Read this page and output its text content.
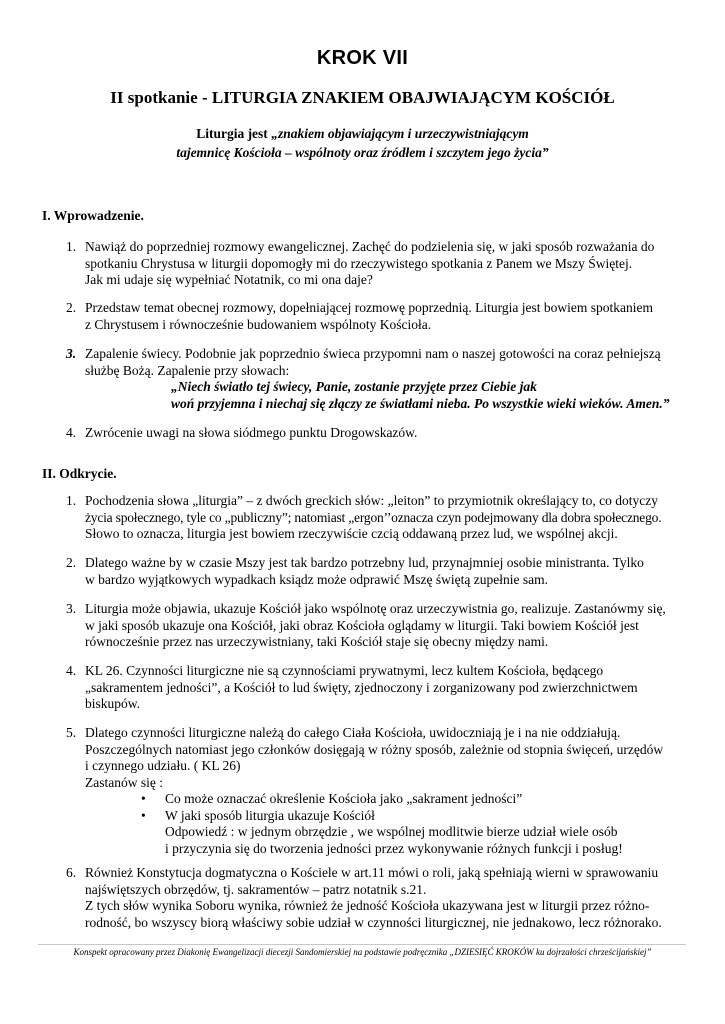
KROK VII
II spotkanie - LITURGIA ZNAKIEM OBAJWIAJĄCYM KOŚCIÓŁ
Liturgia jest „znakiem objawiającym i urzeczywistniającym
tajemnicę Kościoła – wspólnoty oraz źródłem i szczytem jego życia”
I. Wprowadzenie.
1. Nawiąż do poprzedniej rozmowy ewangelicznej. Zachęć do podzielenia się, w jaki sposób rozważania do
spotkaniu Chrystusa w liturgii dopomogły mi do rzeczywistego spotkania z Panem we Mszy Świętej.
Jak mi udaje się wypełniać Notatnik, co mi ona daje?
2. Przedstaw temat obecnej rozmowy, dopełniającej rozmowę poprzednią. Liturgia jest bowiem spotkaniem
z Chrystusem i równocześnie budowaniem wspólnoty Kościoła.
3. Zapalenie świecy. Podobnie jak poprzednio świeca przypomni nam o naszej gotowości na coraz pełniejszą
służbę Bożą. Zapalenie przy słowach:
„Niech światło tej świecy, Panie, zostanie przyjęte przez Ciebie jak
woń przyjemna i niechaj się złączy ze światłami nieba. Po wszystkie wieki wieków. Amen.”
4. Zwrócenie uwagi na słowa siódmego punktu Drogowskazów.
II. Odkrycie.
1. Pochodzenia słowa „liturgia” – z dwóch greckich słów: „leiton” to przymiotnik określający to, co dotyczy
życia społecznego, tyle co „publiczny”; natomiast „ergon’’oznacza czyn podejmowany dla dobra społecznego.
Słowo to oznacza, liturgia jest bowiem rzeczywiście czcią oddawaną przez lud, we wspólnej akcji.
2. Dlatego ważne by w czasie Mszy jest tak bardzo potrzebny lud, przynajmniej osobie ministranta. Tylko
w bardzo wyjątkowych wypadkach ksiądz może odprawić Mszę świętą zupełnie sam.
3. Liturgia może objawia, ukazuje Kościół jako wspólnotę oraz urzeczywistnia go, realizuje. Zastanówmy się,
w jaki sposób ukazuje ona Kościół, jaki obraz Kościoła oglądamy w liturgii. Taki bowiem Kościół jest
równocześnie przez nas urzeczywistniany, taki Kościół staje się obecny między nami.
4. KL 26. Czynności liturgiczne nie są czynnościami prywatnymi, lecz kultem Kościoła, będącego
„sakramentem jedności”, a Kościół to lud święty, zjednoczony i zorganizowany pod zwierzchnictwem
biskupów.
5. Dlatego czynności liturgiczne należą do całego Ciała Kościoła, uwidoczniają je i na nie oddziałują.
Poszczególnych natomiast jego członków dosięgają w różny sposób, zależnie od stopnia święceń, urzędów
i czynnego udziału. ( KL 26)
Zastanów się :
• Co może oznaczać określenie Kościoła jako „sakrament jedności”
• W jaki sposób liturgia ukazuje Kościół
Odpowiedź : w jednym obrzędzie , we wspólnej modlitwie bierze udział wiele osób
i przyczynia się do tworzenia jedności przez wykonywanie różnych funkcji i posług!
6. Również Konstytucja dogmatyczna o Kościele w art.11 mówi o roli, jaką spełniają wierni w sprawowaniu
najświętszych obrzędów, tj. sakramentów – patrz notatnik s.21.
Z tych słów wynika Soboru wynika, również że jedność Kościoła ukazywana jest w liturgii przez różno-
rodność, bo wszyscy biorą właściwy sobie udział w czynności liturgicznej, nie jednakowo, lecz różnorako.
Konspekt opracowany przez Diakonię Ewangelizacji diecezji Sandomierskiej na podstawie podręcznika „DZIESIĘĆ KROKÓW ku dojrzałości chrześcijańskiej”
